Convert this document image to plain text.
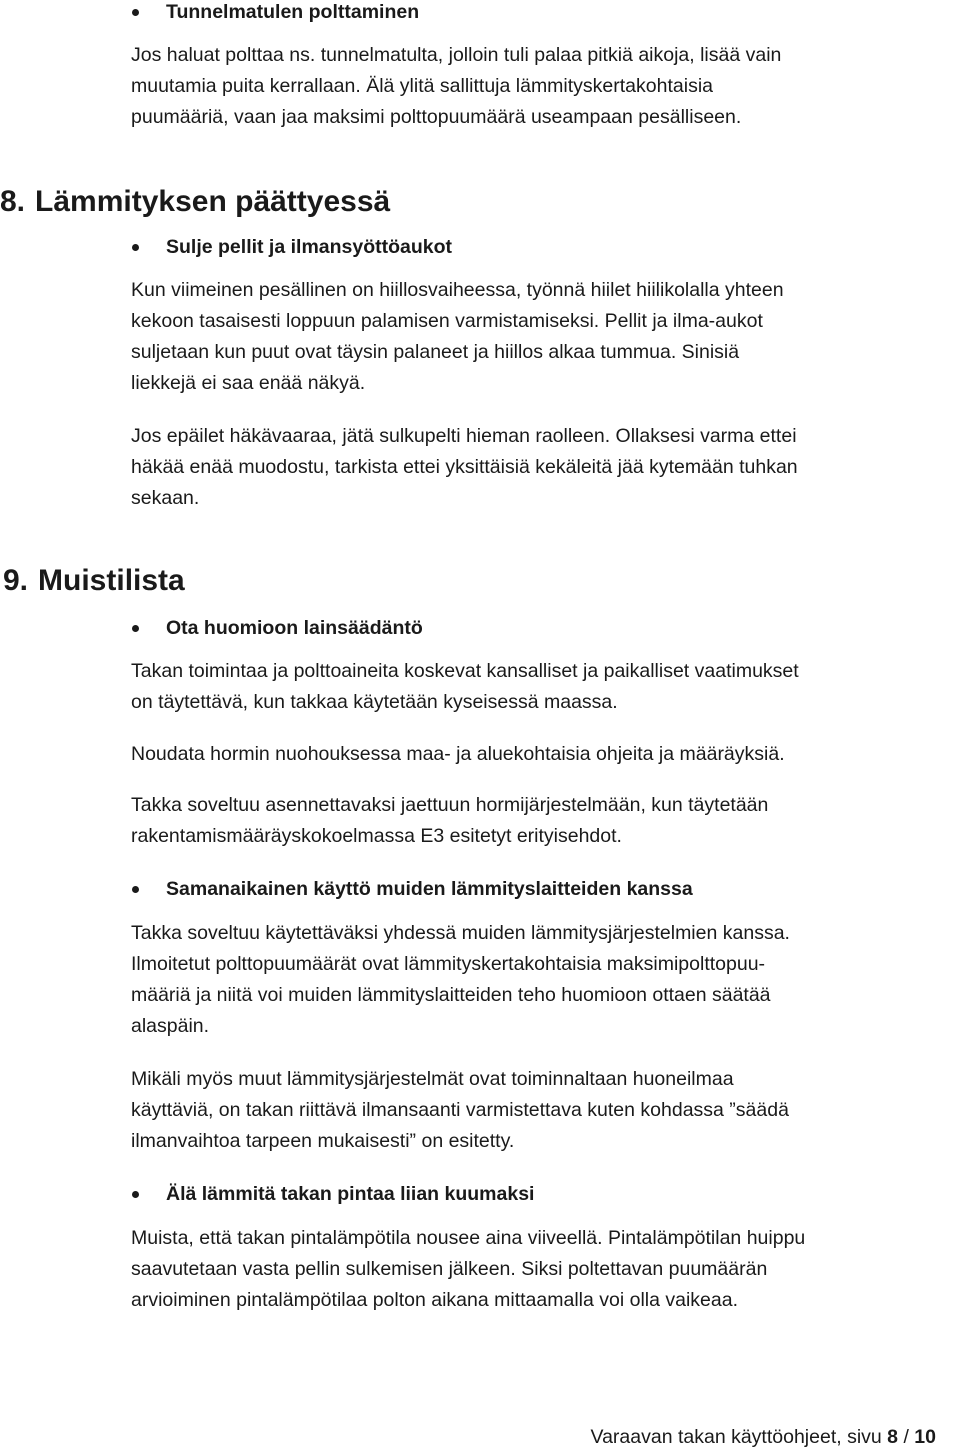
Tunnelmatulen polttaminen
Jos haluat polttaa ns. tunnelmatulta, jolloin tuli palaa pitkiä aikoja, lisää vain
muutamia puita kerrallaan. Älä ylitä sallittuja lämmityskertakohtaisia
puumääriä, vaan jaa maksimi polttopuumäärä useampaan pesälliseen.
8. Lämmityksen päättyessä
Sulje pellit ja ilmansyöttöaukot
Kun viimeinen pesällinen on hiillosvaiheessa, työnnä hiilet hiilikolalla yhteen
kekoon tasaisesti loppuun palamisen varmistamiseksi. Pellit ja ilma-aukot
suljetaan kun puut ovat täysin palaneet ja hiillos alkaa tummua. Sinisiä
liekkejä ei saa enää näkyä.
Jos epäilet häkävaaraa, jätä sulkupelti hieman raolleen. Ollaksesi varma ettei
häkää enää muodostu, tarkista ettei yksittäisiä kekäleitä jää kytemään tuhkan
sekaan.
9. Muistilista
Ota huomioon lainsäädäntö
Takan toimintaa ja polttoaineita koskevat kansalliset ja paikalliset vaatimukset
on täytettävä, kun takkaa käytetään kyseisessä maassa.
Noudata hormin nuohouksessa maa- ja aluekohtaisia ohjeita ja määräyksiä.
Takka soveltuu asennettavaksi jaettuun hormijärjestelmään, kun täytetään
rakentamismääräyskokoelmassa E3 esitetyt erityisehdot.
Samanaikainen käyttö muiden lämmityslaitteiden kanssa
Takka soveltuu käytettäväksi yhdessä muiden lämmitysjärjestelmien kanssa.
Ilmoitetut polttopuumäärät ovat lämmityskertakohtaisia maksimipolttopuu-
määriä ja niitä voi muiden lämmityslaitteiden teho huomioon ottaen säätää
alaspäin.
Mikäli myös muut lämmitysjärjestelmät ovat toiminnaltaan huoneilmaa
käyttäviä, on takan riittävä ilmansaanti varmistettava kuten kohdassa ”säädä
ilmanvaihtoa tarpeen mukaisesti” on esitetty.
Älä lämmitä takan pintaa liian kuumaksi
Muista, että takan pintalämpötila nousee aina viiveellä. Pintalämpötilan huippu
saavutetaan vasta pellin sulkemisen jälkeen. Siksi poltettavan puumäärän
arvioiminen pintalämpötilaa polton aikana mittaamalla voi olla vaikeaa.
Varaavan takan käyttöohjeet, sivu 8 / 10
